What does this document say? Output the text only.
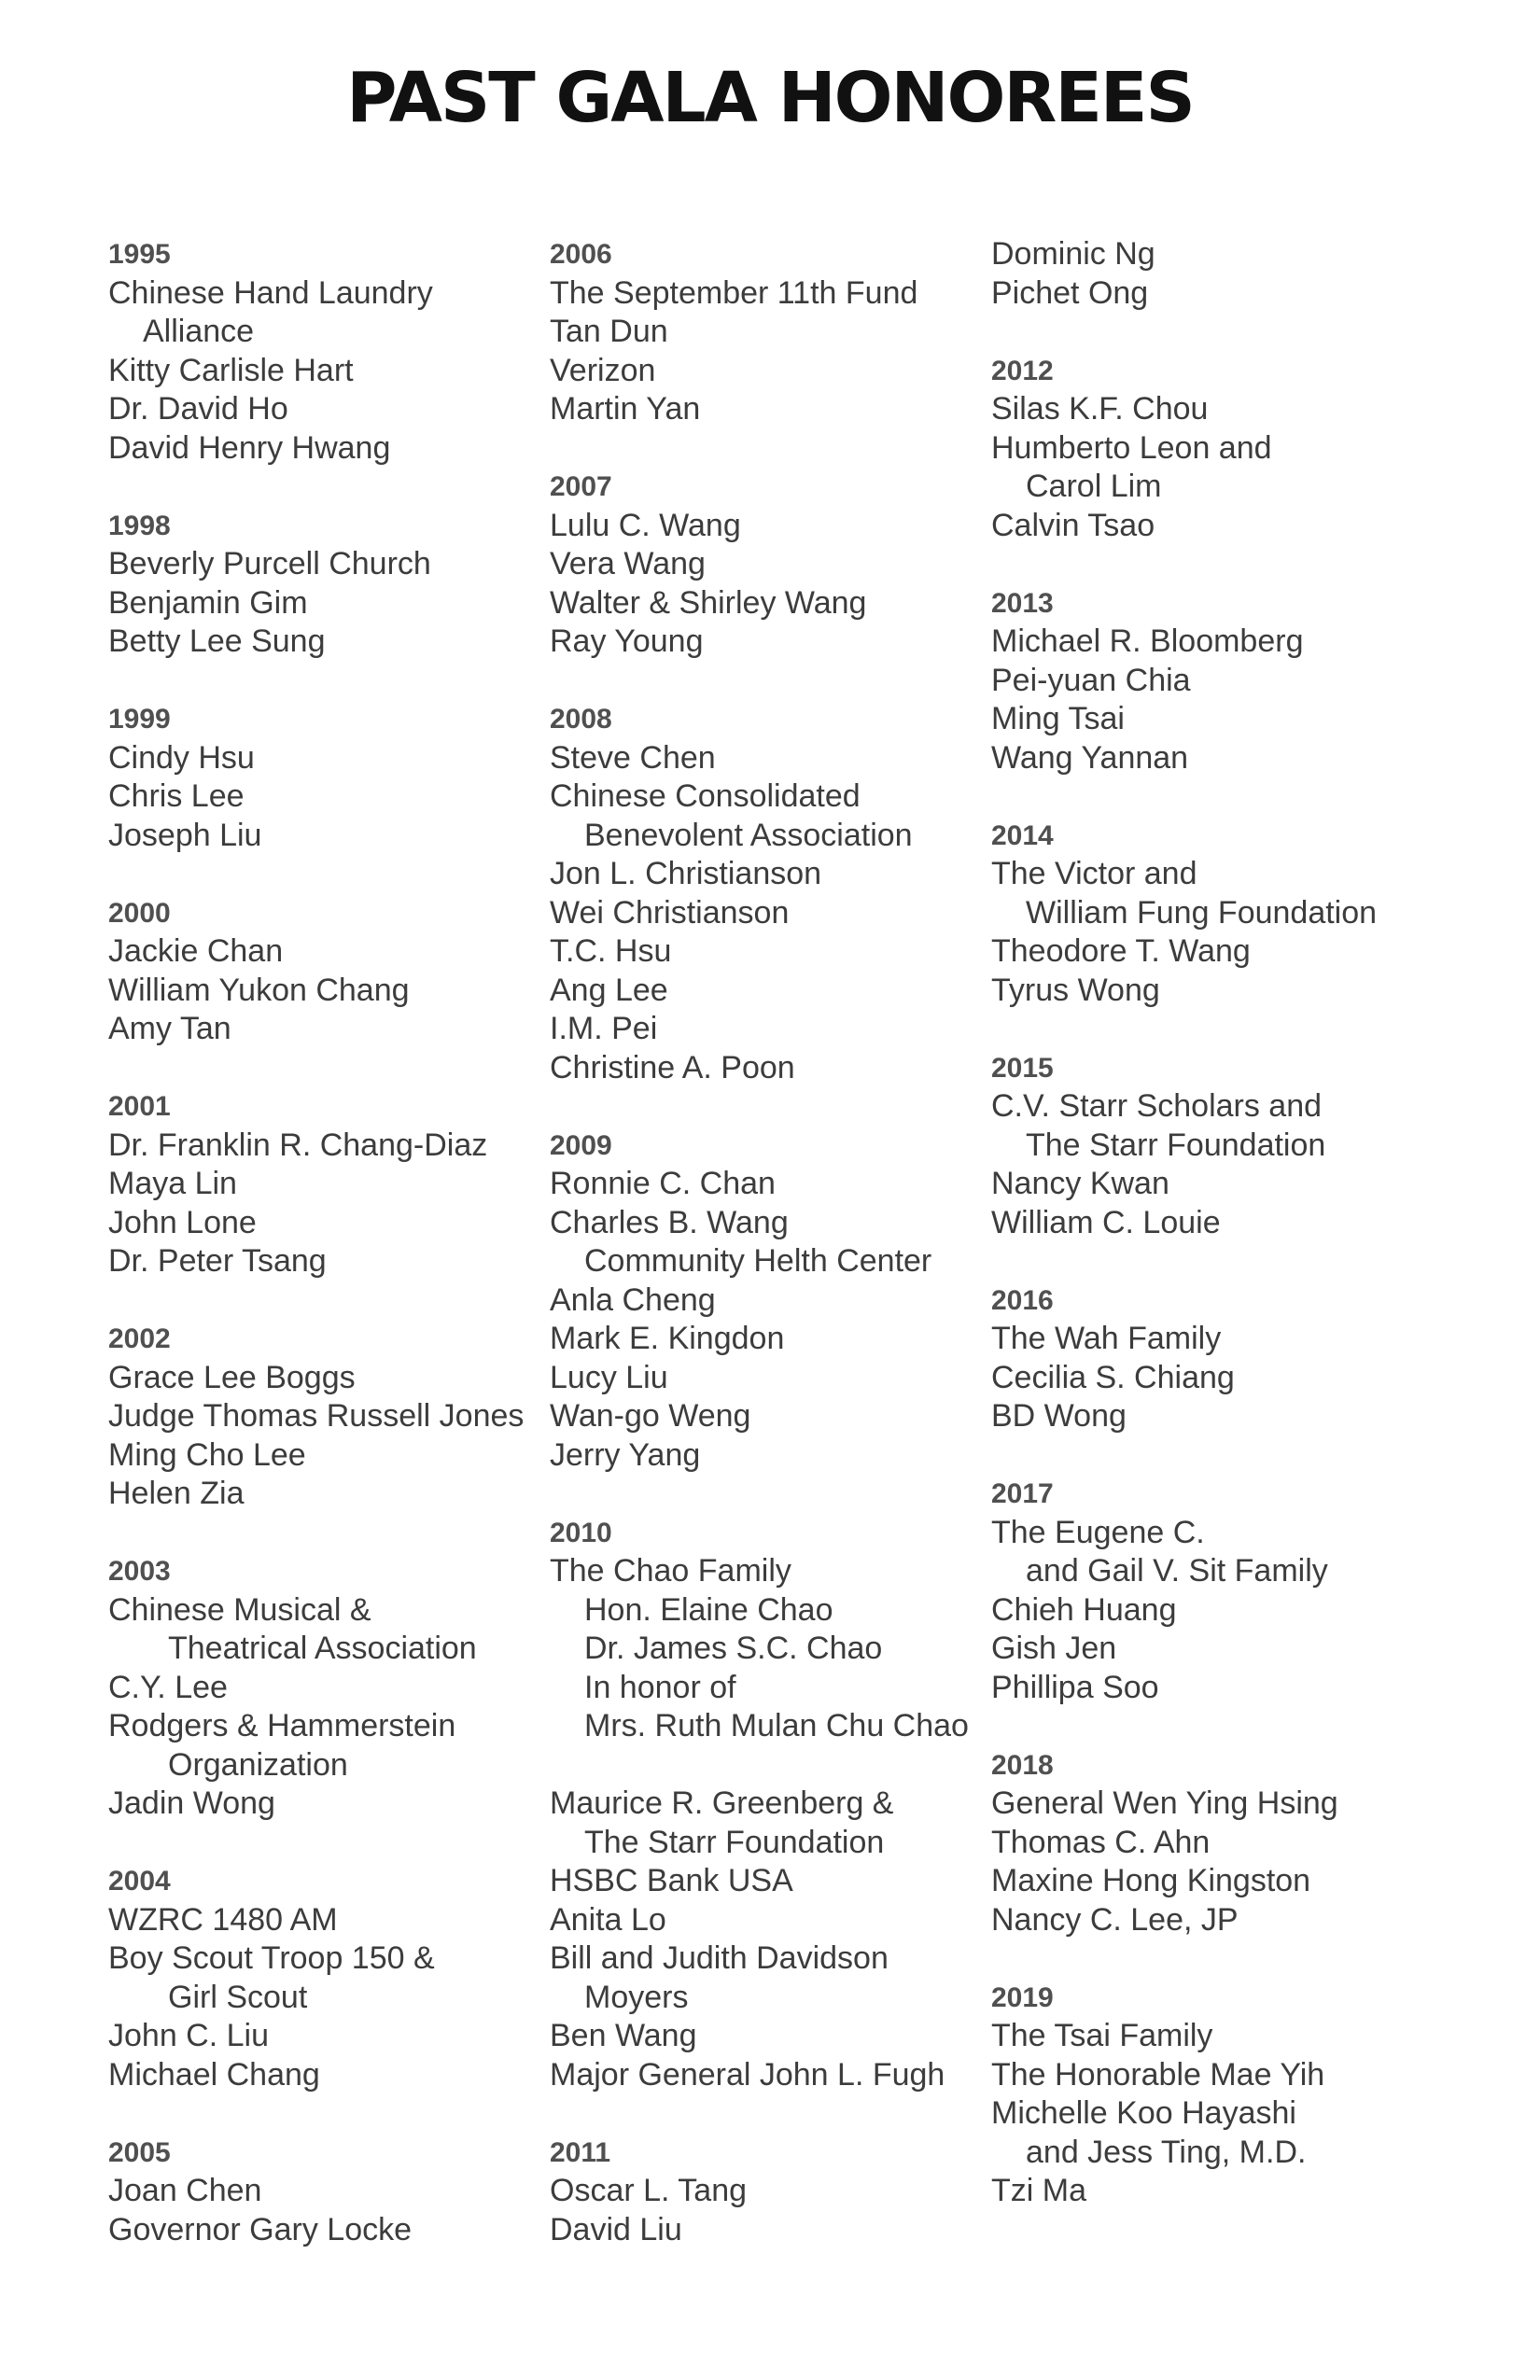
PAST GALA HONOREES
1995
Chinese Hand Laundry
Alliance
Kitty Carlisle Hart
Dr. David Ho
David Henry Hwang
1998
Beverly Purcell Church
Benjamin Gim
Betty Lee Sung
1999
Cindy Hsu
Chris Lee
Joseph Liu
2000
Jackie Chan
William Yukon Chang
Amy Tan
2001
Dr. Franklin R. Chang-Diaz
Maya Lin
John Lone
Dr. Peter Tsang
2002
Grace Lee Boggs
Judge Thomas Russell Jones
Ming Cho Lee
Helen Zia
2003
Chinese Musical &
Theatrical Association
C.Y. Lee
Rodgers & Hammerstein
Organization
Jadin Wong
2004
WZRC 1480 AM
Boy Scout Troop 150 &
Girl Scout
John C. Liu
Michael Chang
2005
Joan Chen
Governor Gary Locke
2006
The September 11th Fund
Tan Dun
Verizon
Martin Yan
2007
Lulu C. Wang
Vera Wang
Walter & Shirley Wang
Ray Young
2008
Steve Chen
Chinese Consolidated
Benevolent Association
Jon L. Christianson
Wei Christianson
T.C. Hsu
Ang Lee
I.M. Pei
Christine A. Poon
2009
Ronnie C. Chan
Charles B. Wang
Community Helth Center
Anla Cheng
Mark E. Kingdon
Lucy Liu
Wan-go Weng
Jerry Yang
2010
The Chao Family
Hon. Elaine Chao
Dr. James S.C. Chao
In honor of
Mrs. Ruth Mulan Chu Chao
Maurice R. Greenberg &
The Starr Foundation
HSBC Bank USA
Anita Lo
Bill and Judith Davidson
Moyers
Ben Wang
Major General John L. Fugh
2011
Oscar L. Tang
David Liu
Dominic Ng
Pichet Ong
2012
Silas K.F. Chou
Humberto Leon and
Carol Lim
Calvin Tsao
2013
Michael R. Bloomberg
Pei-yuan Chia
Ming Tsai
Wang Yannan
2014
The Victor and
William Fung Foundation
Theodore T. Wang
Tyrus Wong
2015
C.V. Starr Scholars and
The Starr Foundation
Nancy Kwan
William C. Louie
2016
The Wah Family
Cecilia S. Chiang
BD Wong
2017
The Eugene C.
and Gail V. Sit Family
Chieh Huang
Gish Jen
Phillipa Soo
2018
General Wen Ying Hsing
Thomas C. Ahn
Maxine Hong Kingston
Nancy C. Lee, JP
2019
The Tsai Family
The Honorable Mae Yih
Michelle Koo Hayashi
and Jess Ting, M.D.
Tzi Ma
